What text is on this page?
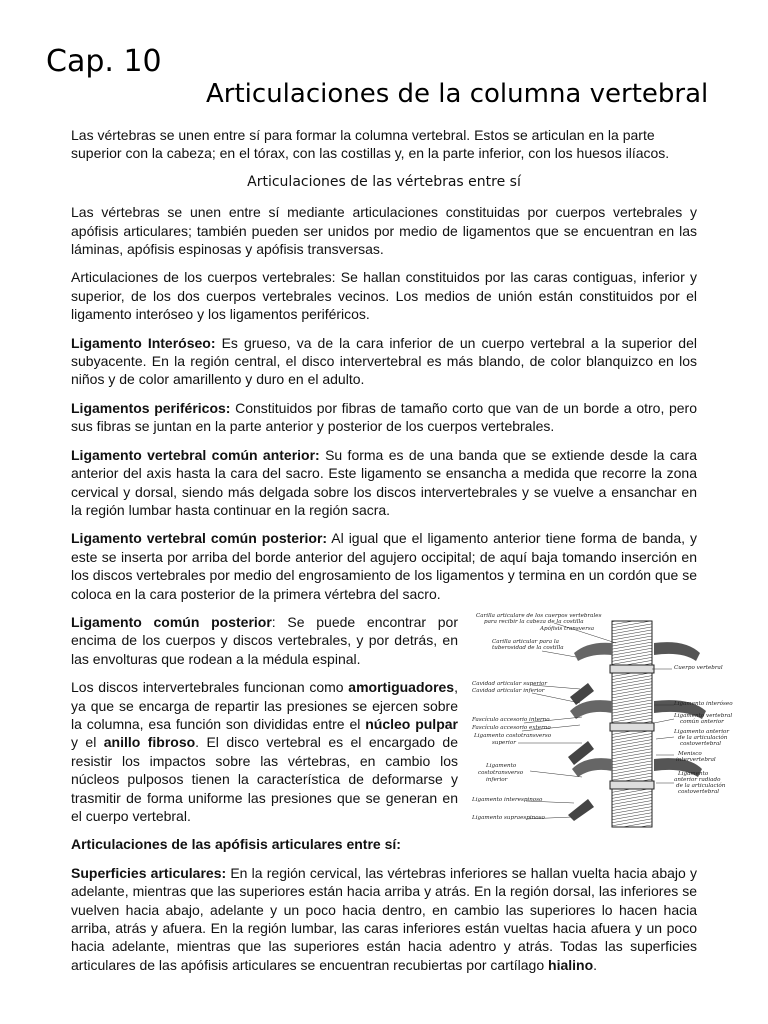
Cap. 10
Articulaciones de la columna vertebral

Las vértebras se unen entre sí para formar la columna vertebral. Estos se articulan en la parte superior con la cabeza; en el tórax, con las costillas y, en la parte inferior, con los huesos ilíacos.

Articulaciones de las vértebras entre sí

Las vértebras se unen entre sí mediante articulaciones constituidas por cuerpos vertebrales y apófisis articulares; también pueden ser unidos por medio de ligamentos que se encuentran en las láminas, apófisis espinosas y apófisis transversas.

Articulaciones de los cuerpos vertebrales: Se hallan constituidos por las caras contiguas, inferior y superior, de los dos cuerpos vertebrales vecinos. Los medios de unión están constituidos por el ligamento interóseo y los ligamentos periféricos.

Ligamento Interóseo: Es grueso, va de la cara inferior de un cuerpo vertebral a la superior del subyacente. En la región central, el disco intervertebral es más blando, de color blanquizco en los niños y de color amarillento y duro en el adulto.

Ligamentos periféricos: Constituidos por fibras de tamaño corto que van de un borde a otro, pero sus fibras se juntan en la parte anterior y posterior de los cuerpos vertebrales.

Ligamento vertebral común anterior: Su forma es de una banda que se extiende desde la cara anterior del axis hasta la cara del sacro. Este ligamento se ensancha a medida que recorre la zona cervical y dorsal, siendo más delgada sobre los discos intervertebrales y se vuelve a ensanchar en la región lumbar hasta continuar en la región sacra.

Ligamento vertebral común posterior: Al igual que el ligamento anterior tiene forma de banda, y este se inserta por arriba del borde anterior del agujero occipital; de aquí baja tomando inserción en los discos vertebrales por medio del engrosamiento de los ligamentos y termina en un cordón que se coloca en la cara posterior de la primera vértebra del sacro.

Carilla articulare de los cuerpos vertebrales
para recibir la cabeza de la costilla
Apófisis transversa
Carilla articular para la
tuberosidad de la costilla
Cavidad articular superior
Cavidad articular inferior
Fascículo accesorio interno
Fascículo accesorio externo
Ligamento costotransverso
superior
Ligamento
costotransverso
inferior
Ligamento interespinoso
Ligamento supraespinoso
Cuerpo vertebral
Ligamento interóseo
Ligamento vertebral
común anterior
Ligamento anterior
de la articulación
costovertebral
Menisco
intervertebral
Ligamento
anterior radiado
de la articulación
costovertebral

Ligamento común posterior: Se puede encontrar por encima de los cuerpos y discos vertebrales, y por detrás, en las envolturas que rodean a la médula espinal.

Los discos intervertebrales funcionan como amortiguadores, ya que se encarga de repartir las presiones se ejercen sobre la columna, esa función son divididas entre el núcleo pulpar y el anillo fibroso. El disco vertebral es el encargado de resistir los impactos sobre las vértebras, en cambio los núcleos pulposos tienen la característica de deformarse y trasmitir de forma uniforme las presiones que se generan en el cuerpo vertebral.

Articulaciones de las apófisis articulares entre sí:

Superficies articulares: En la región cervical, las vértebras inferiores se hallan vuelta hacia abajo y adelante, mientras que las superiores están hacia arriba y atrás. En la región dorsal, las inferiores se vuelven hacia abajo, adelante y un poco hacia dentro, en cambio las superiores lo hacen hacia arriba, atrás y afuera. En la región lumbar, las caras inferiores están vueltas hacia afuera y un poco hacia adelante, mientras que las superiores están hacia adentro y atrás. Todas las superficies articulares de las apófisis articulares se encuentran recubiertas por cartílago hialino.
